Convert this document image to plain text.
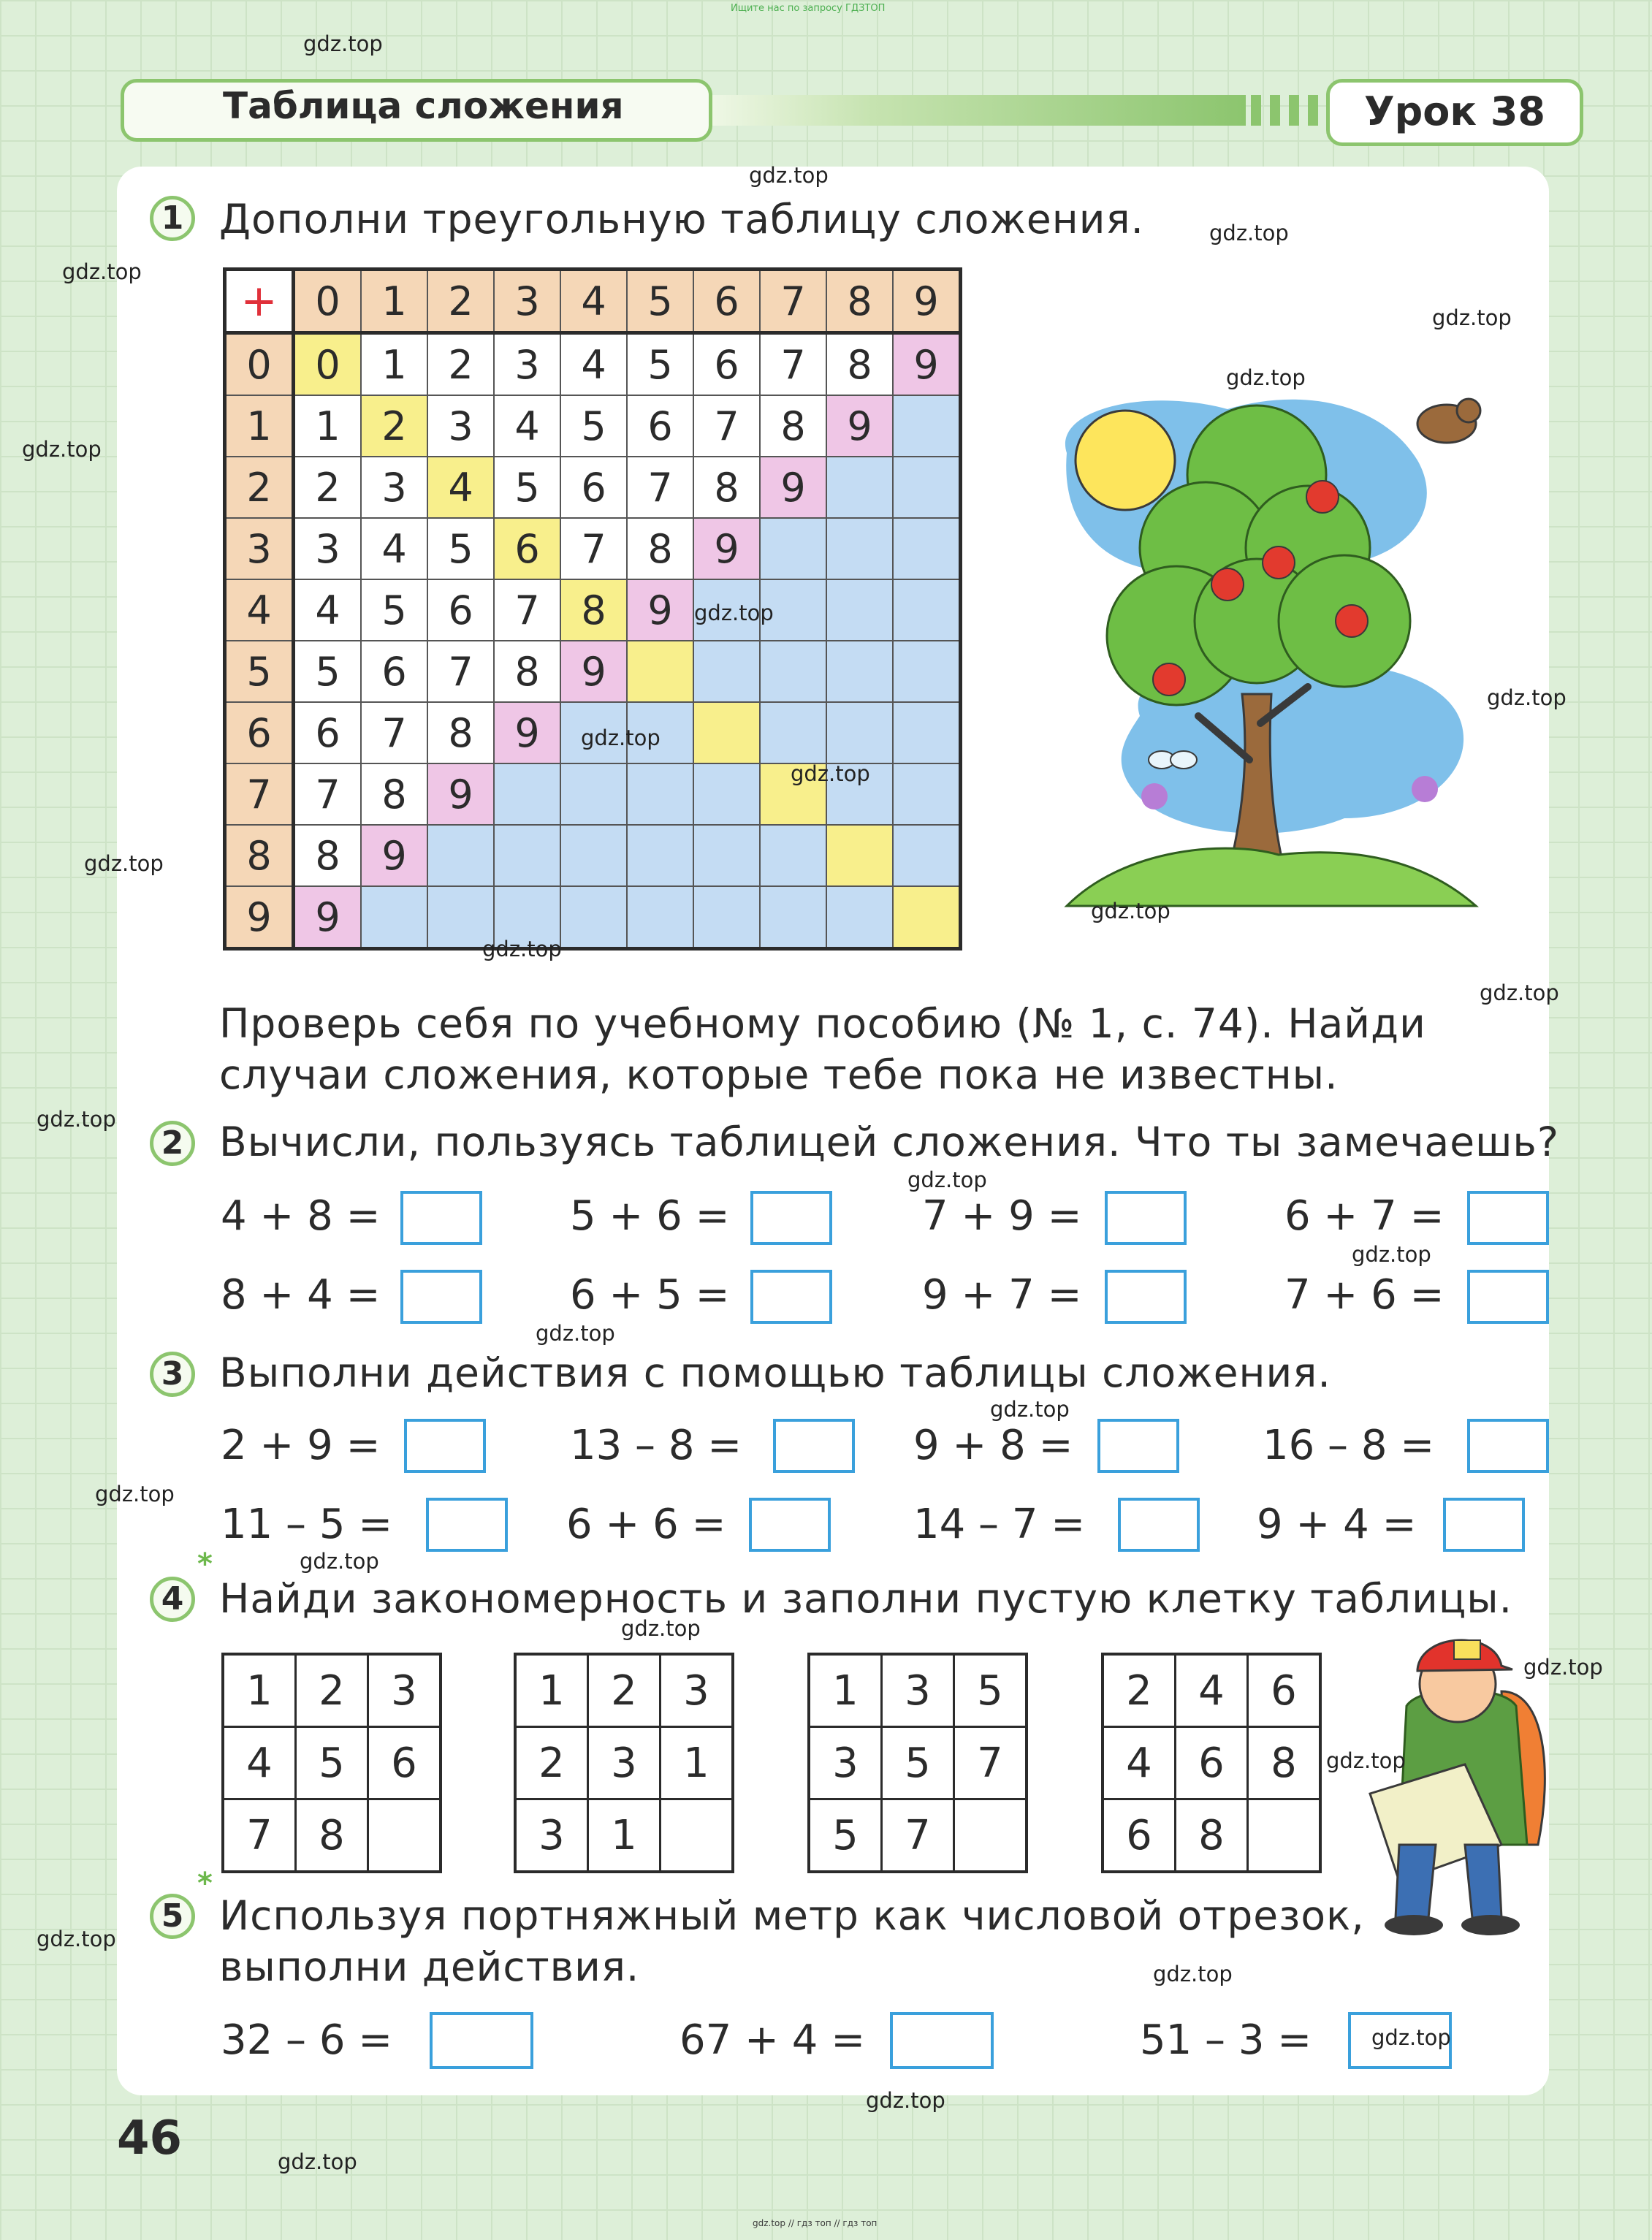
Ищите нас по запросу ГДЗТОП
Таблица сложения	Урок 38
1 Дополни треугольную таблицу сложения.
+	0	1	2	3	4	5	6	7	8	9
0	0	1	2	3	4	5	6	7	8	9
1	1	2	3	4	5	6	7	8	9	
2	2	3	4	5	6	7	8	9		
3	3	4	5	6	7	8	9			
4	4	5	6	7	8	9				
5	5	6	7	8	9					
6	6	7	8	9						
7	7	8	9							
8	8	9								
9	9									
Проверь себя по учебному пособию (№ 1, с. 74). Найди
случаи сложения, которые тебе пока не известны.
2 Вычисли, пользуясь таблицей сложения. Что ты замечаешь?
4 + 8 =	5 + 6 =	7 + 9 =	6 + 7 =
8 + 4 =	6 + 5 =	9 + 7 =	7 + 6 =
3 Выполни действия с помощью таблицы сложения.
2 + 9 =	13 – 8 =	9 + 8 =	16 – 8 =
11 – 5 =	6 + 6 =	14 – 7 =	9 + 4 =
*
4 Найди закономерность и заполни пустую клетку таблицы.
1	2	3
4	5	6
7	8	
1	2	3
2	3	1
3	1	
1	3	5
3	5	7
5	7	
2	4	6
4	6	8
6	8	
*
5 Используя портняжный метр как числовой отрезок,
выполни действия.
32 – 6 =	67 + 4 =	51 – 3 =
46
gdz.top
gdz.top
gdz.top
gdz.top
gdz.top
gdz.top
gdz.top
gdz.top
gdz.top
gdz.top
gdz.top
gdz.top
gdz.top
gdz.top
gdz.top
gdz.top
gdz.top
gdz.top
gdz.top
gdz.top
gdz.top
gdz.top
gdz.top
gdz.top
gdz.top
gdz.top
gdz.top
gdz.top
gdz.top
gdz.top
gdz.top // гдз топ // гдз топ
